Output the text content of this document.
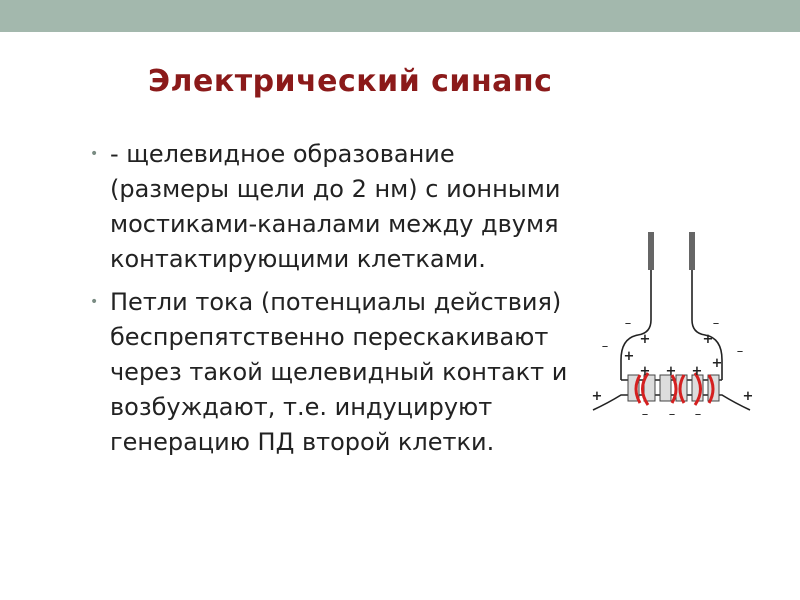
Электрический синапс
• - щелевидное образование (размеры щели до 2 нм) с ионными мостиками-каналами между двумя контактирующими клетками.
• Петли тока (потенциалы действия) беспрепятственно перескакивают через такой щелевидный контакт и возбуждают, т.е. индуцируют генерацию ПД второй клетки.
+
+
+ + +
+
+
+	+
–	–
–	–
– – –
